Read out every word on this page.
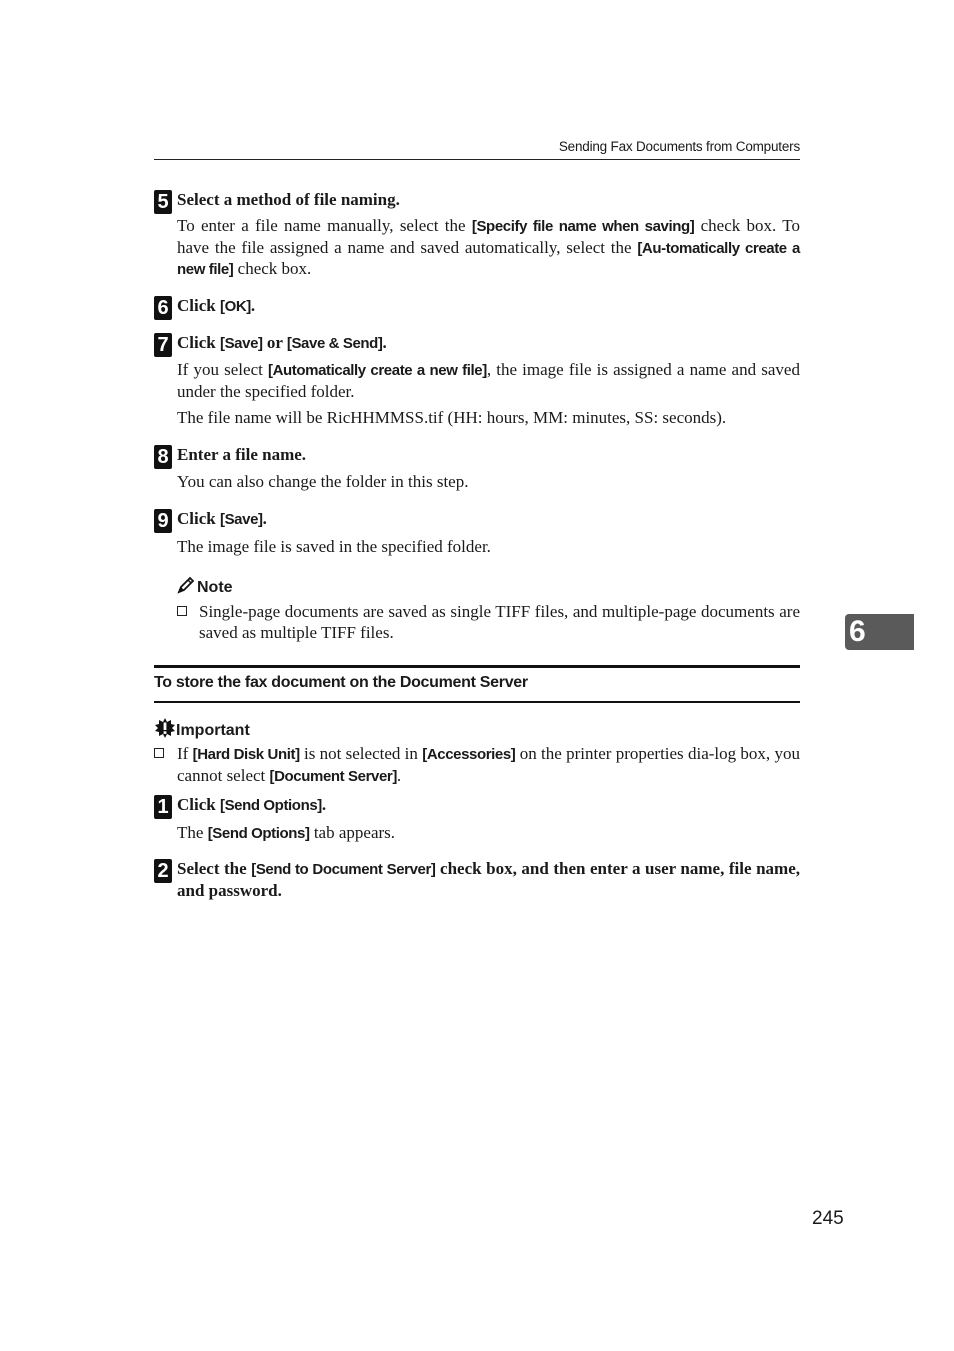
Sending Fax Documents from Computers
5 Select a method of file naming.

To enter a file name manually, select the [Specify file name when saving] check box. To have the file assigned a name and saved automatically, select the [Au-tomatically create a new file] check box.

6 Click [OK].
7 Click [Save] or [Save & Send].

If you select [Automatically create a new file], the image file is assigned a name and saved under the specified folder.

The file name will be RicHHMMSS.tif (HH: hours, MM: minutes, SS: seconds).

8 Enter a file name.

You can also change the folder in this step.

9 Click [Save].

The image file is saved in the specified folder.

Note
Single-page documents are saved as single TIFF files, and multiple-page documents are saved as multiple TIFF files.
To store the fax document on the Document Server
Important
If [Hard Disk Unit] is not selected in [Accessories] on the printer properties dia-log box, you cannot select [Document Server].
1 Click [Send Options].

The [Send Options] tab appears.

2 Select the [Send to Document Server] check box, and then enter a user name, file name, and password.
6
245
